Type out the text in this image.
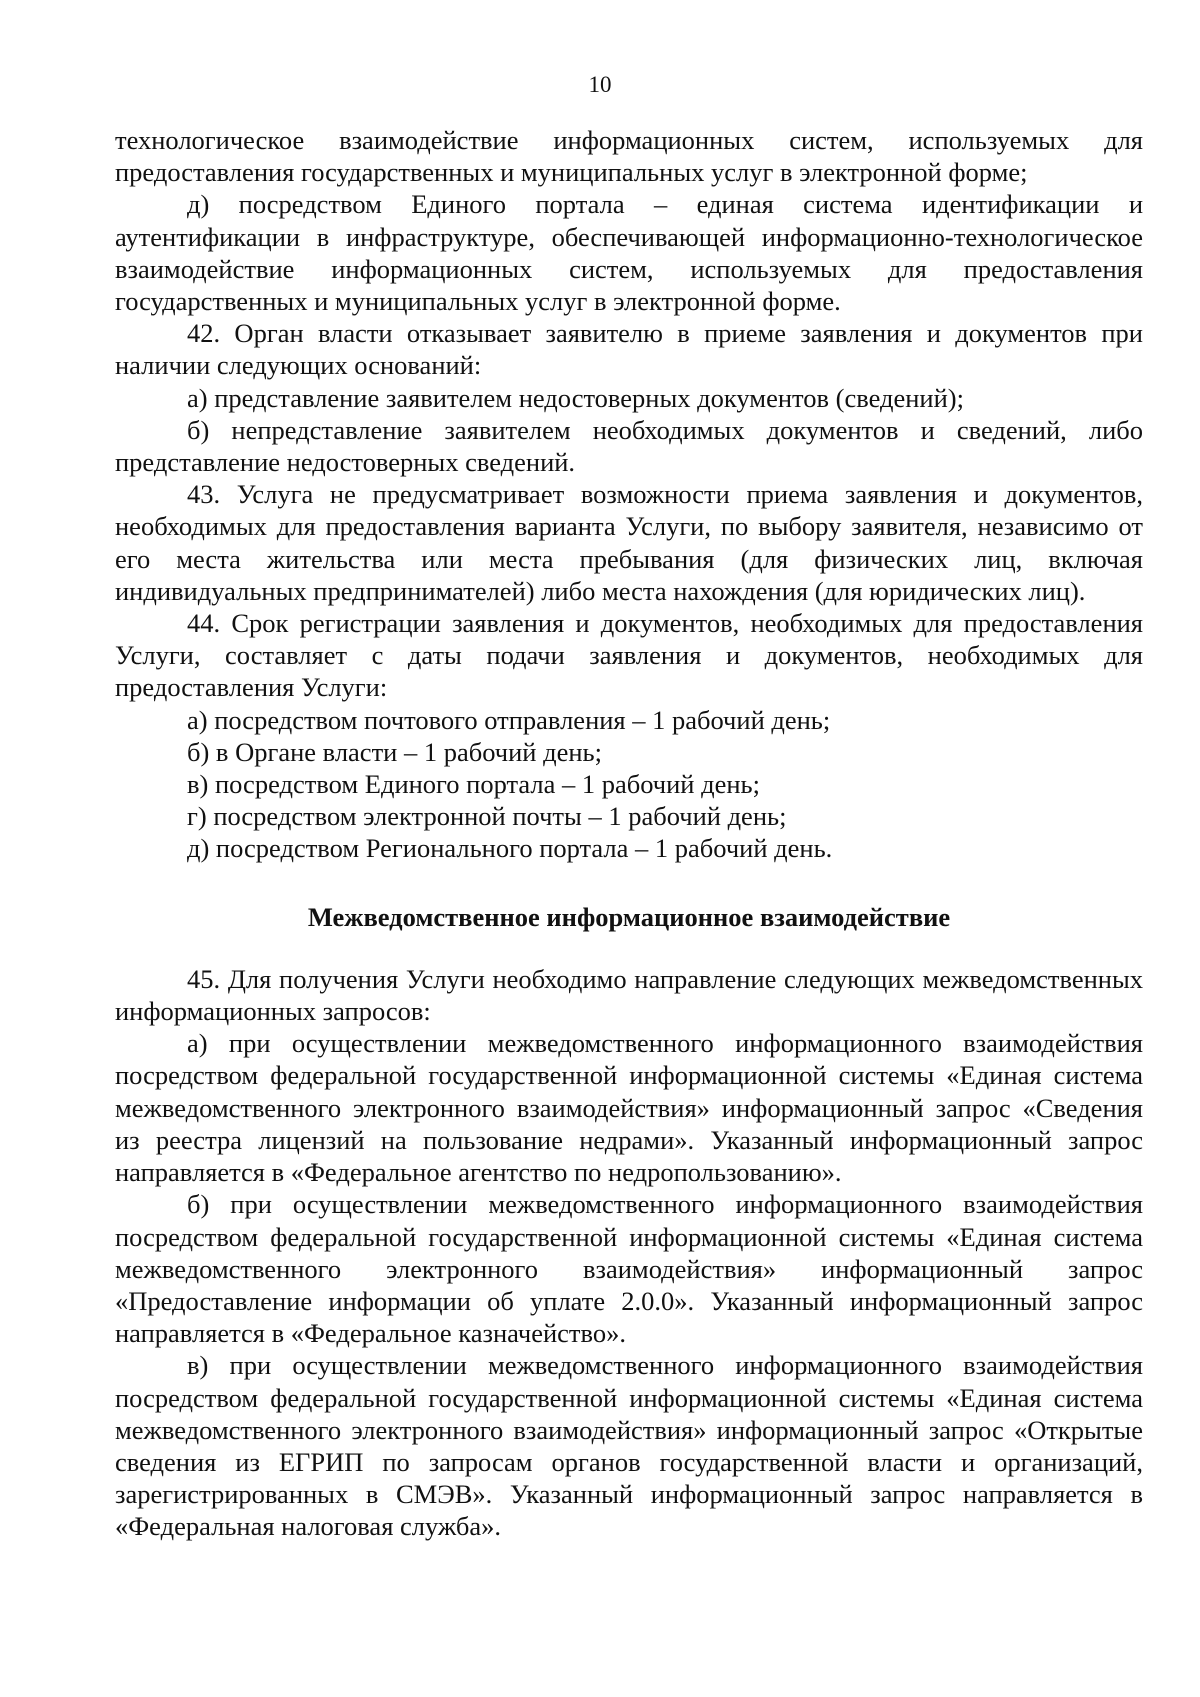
10

технологическое взаимодействие информационных систем, используемых для предоставления государственных и муниципальных услуг в электронной форме;

д) посредством Единого портала – единая система идентификации и аутентификации в инфраструктуре, обеспечивающей информационно-технологическое взаимодействие информационных систем, используемых для предоставления государственных и муниципальных услуг в электронной форме.

42. Орган власти отказывает заявителю в приеме заявления и документов при наличии следующих оснований:

а) представление заявителем недостоверных документов (сведений);

б) непредставление заявителем необходимых документов и сведений, либо представление недостоверных сведений.

43. Услуга не предусматривает возможности приема заявления и документов, необходимых для предоставления варианта Услуги, по выбору заявителя, независимо от его места жительства или места пребывания (для физических лиц, включая индивидуальных предпринимателей) либо места нахождения (для юридических лиц).

44. Срок регистрации заявления и документов, необходимых для предоставления Услуги, составляет с даты подачи заявления и документов, необходимых для предоставления Услуги:

а) посредством почтового отправления – 1 рабочий день;

б) в Органе власти – 1 рабочий день;

в) посредством Единого портала – 1 рабочий день;

г) посредством электронной почты – 1 рабочий день;

д) посредством Регионального портала – 1 рабочий день.

Межведомственное информационное взаимодействие

45. Для получения Услуги необходимо направление следующих межведомственных информационных запросов:

а) при осуществлении межведомственного информационного взаимодействия посредством федеральной государственной информационной системы «Единая система межведомственного электронного взаимодействия» информационный запрос «Сведения из реестра лицензий на пользование недрами». Указанный информационный запрос направляется в «Федеральное агентство по недропользованию».

б) при осуществлении межведомственного информационного взаимодействия посредством федеральной государственной информационной системы «Единая система межведомственного электронного взаимодействия» информационный запрос «Предоставление информации об уплате 2.0.0». Указанный информационный запрос направляется в «Федеральное казначейство».

в) при осуществлении межведомственного информационного взаимодействия посредством федеральной государственной информационной системы «Единая система межведомственного электронного взаимодействия» информационный запрос «Открытые сведения из ЕГРИП по запросам органов государственной власти и организаций, зарегистрированных в СМЭВ». Указанный информационный запрос направляется в «Федеральная налоговая служба».
